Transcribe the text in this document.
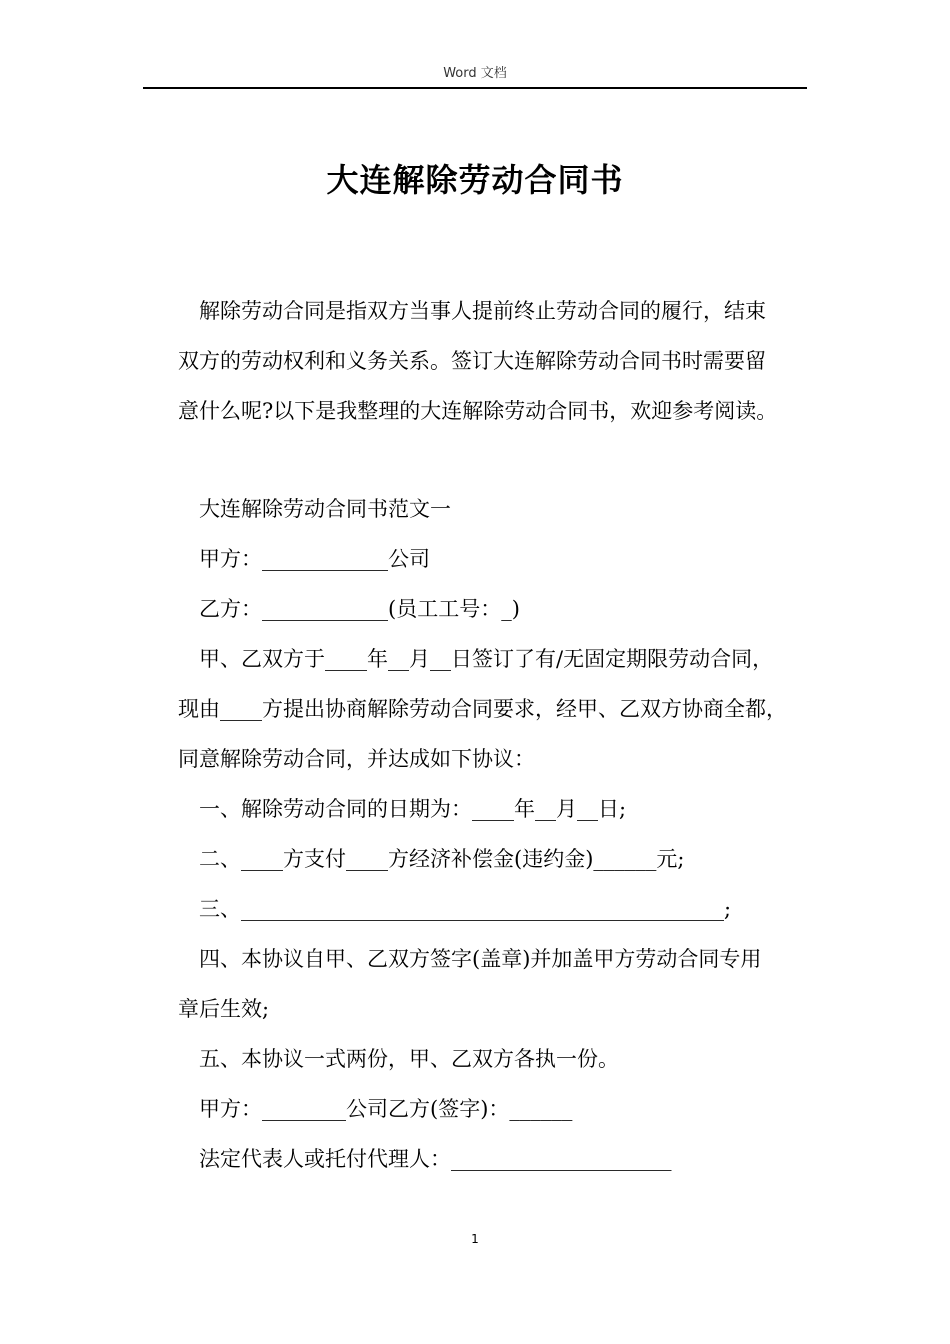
Word 文档
大连解除劳动合同书

解除劳动合同是指双方当事人提前终止劳动合同的履行，结束

双方的劳动权利和义务关系。签订大连解除劳动合同书时需要留

意什么呢?以下是我整理的大连解除劳动合同书，欢迎参考阅读。

大连解除劳动合同书范文一

甲方：____________公司

乙方：____________(员工工号：_)

甲、乙双方于____年__月__日签订了有/无固定期限劳动合同，

现由____方提出协商解除劳动合同要求，经甲、乙双方协商全都，

同意解除劳动合同，并达成如下协议：

一、解除劳动合同的日期为：____年__月__日;

二、____方支付____方经济补偿金(违约金)______元;

三、______________________________________________;

四、本协议自甲、乙双方签字(盖章)并加盖甲方劳动合同专用

章后生效;

五、本协议一式两份，甲、乙双方各执一份。

甲方：________公司乙方(签字)：______

法定代表人或托付代理人：_____________________

1
